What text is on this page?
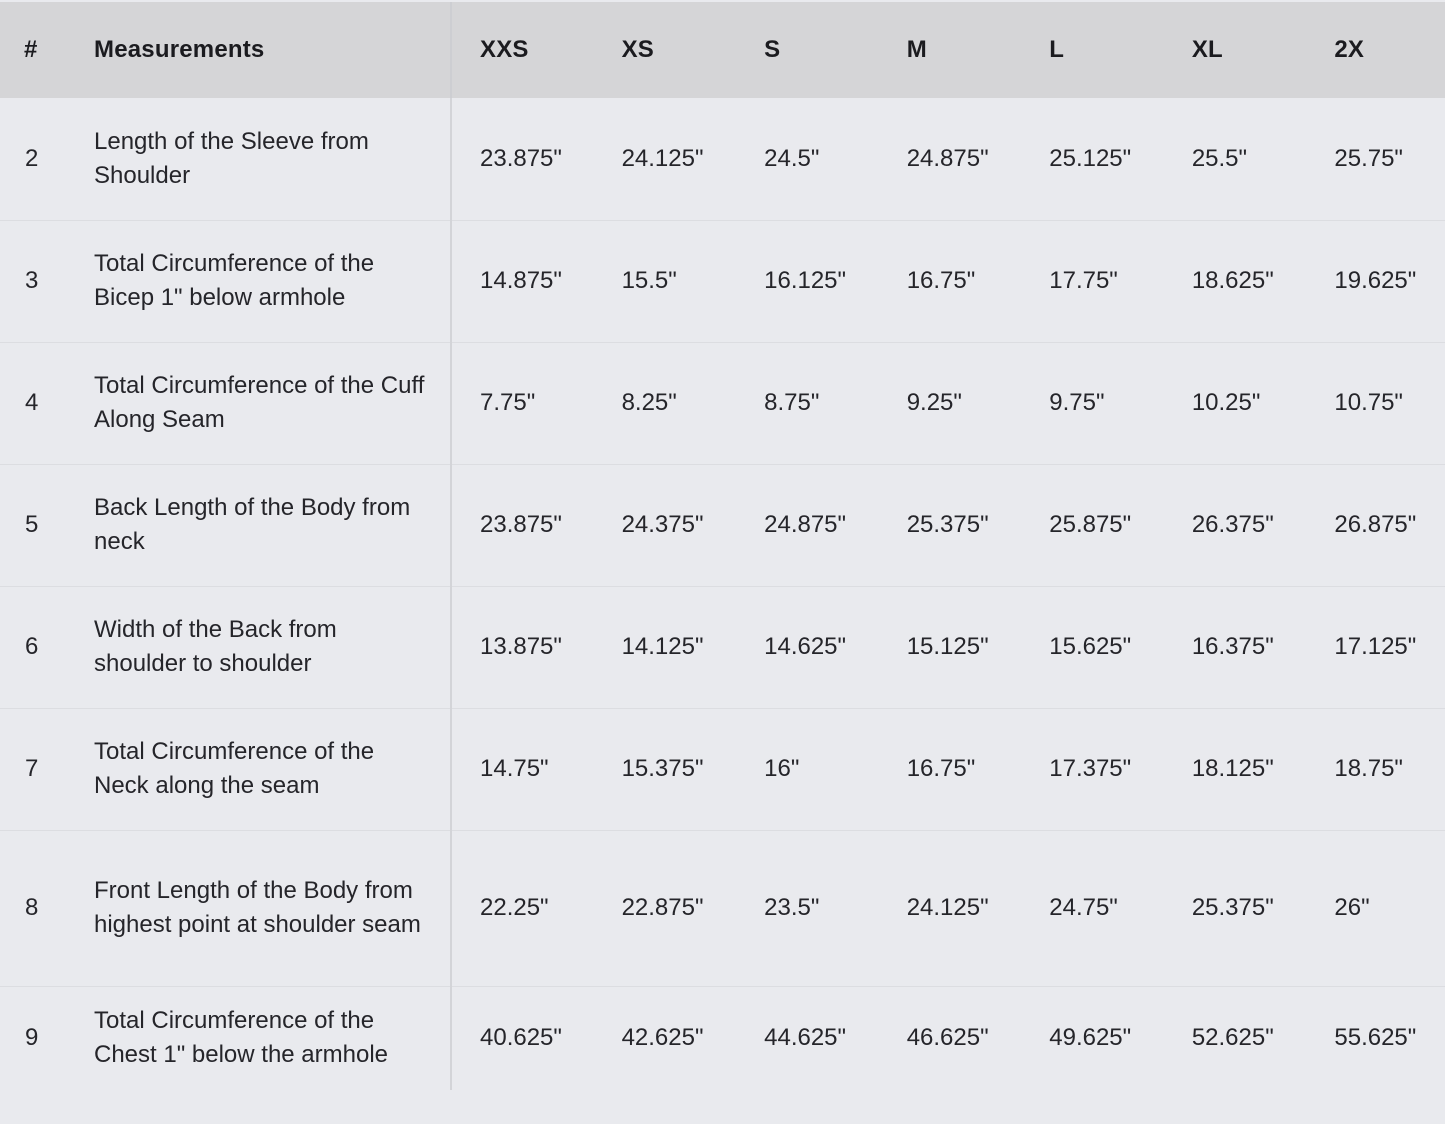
#	Measurements	XXS	XS	S	M	L	XL	2X
2	Length of the Sleeve from Shoulder	23.875"	24.125"	24.5"	24.875"	25.125"	25.5"	25.75"
3	Total Circumference of the Bicep 1" below armhole	14.875"	15.5"	16.125"	16.75"	17.75"	18.625"	19.625"
4	Total Circumference of the Cuff Along Seam	7.75"	8.25"	8.75"	9.25"	9.75"	10.25"	10.75"
5	Back Length of the Body from neck	23.875"	24.375"	24.875"	25.375"	25.875"	26.375"	26.875"
6	Width of the Back from shoulder to shoulder	13.875"	14.125"	14.625"	15.125"	15.625"	16.375"	17.125"
7	Total Circumference of the Neck along the seam	14.75"	15.375"	16"	16.75"	17.375"	18.125"	18.75"
8	Front Length of the Body from highest point at shoulder seam	22.25"	22.875"	23.5"	24.125"	24.75"	25.375"	26"
9	Total Circumference of the Chest 1" below the armhole	40.625"	42.625"	44.625"	46.625"	49.625"	52.625"	55.625"
